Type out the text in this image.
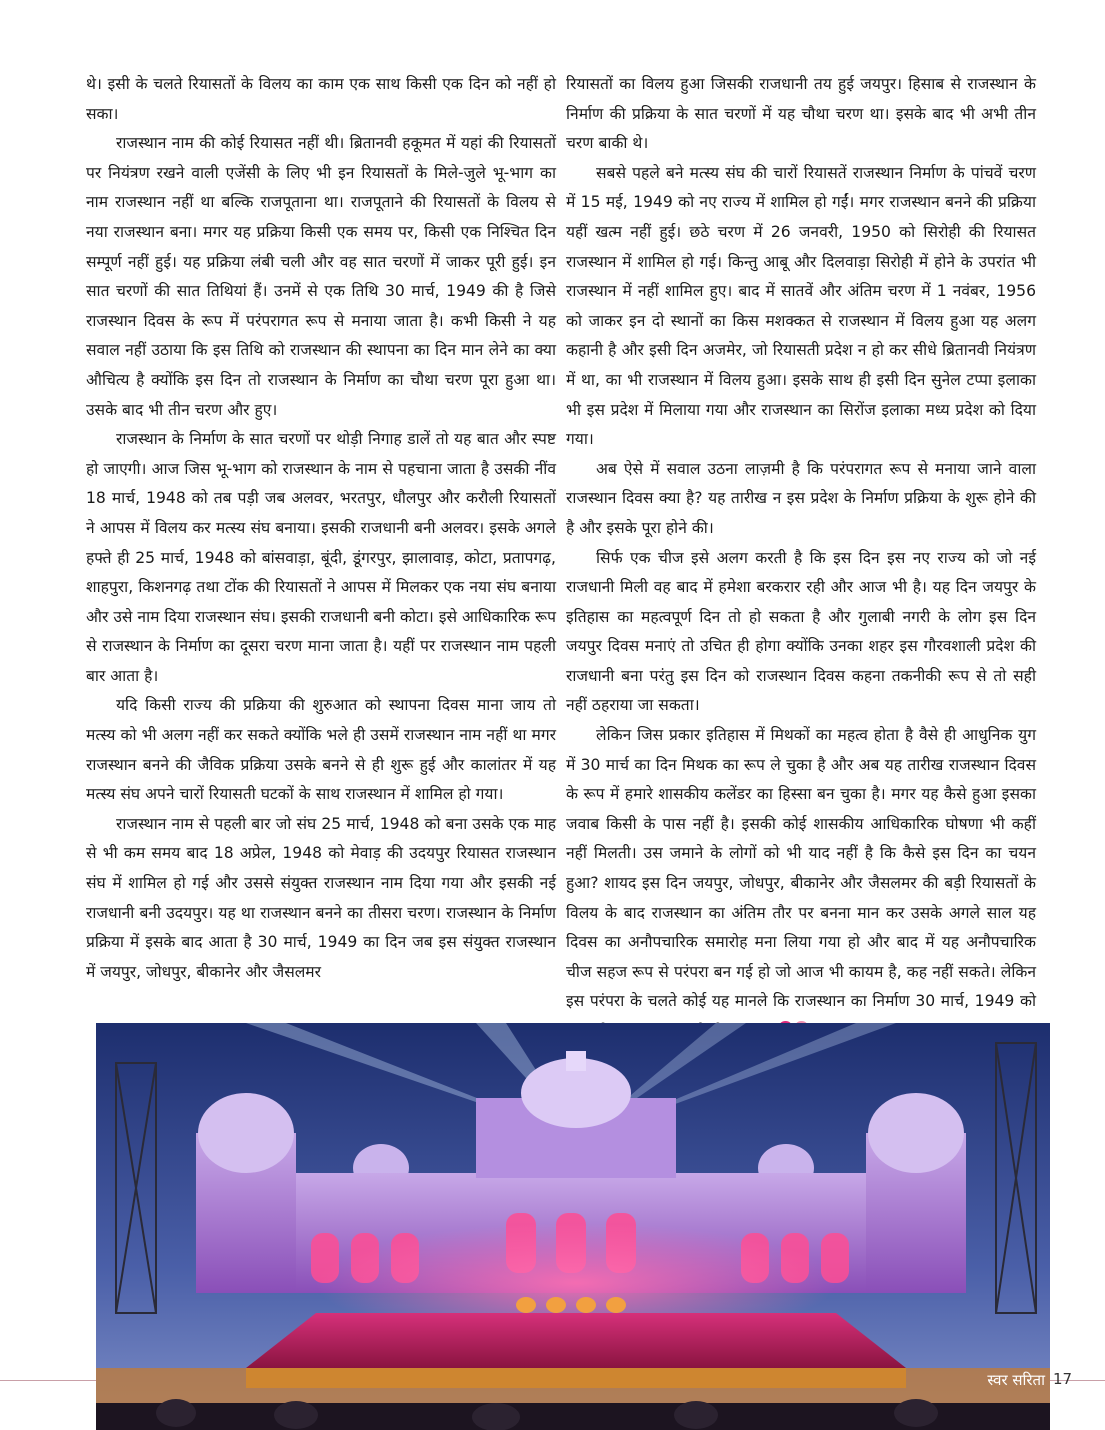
थे। इसी के चलते रियासतों के विलय का काम एक साथ किसी एक दिन को नहीं हो सका।

राजस्थान नाम की कोई रियासत नहीं थी। ब्रितानवी हकूमत में यहां की रियासतों पर नियंत्रण रखने वाली एजेंसी के लिए भी इन रियासतों के मिले-जुले भू-भाग का नाम राजस्थान नहीं था बल्कि राजपूताना था। राजपूताने की रियासतों के विलय से नया राजस्थान बना। मगर यह प्रक्रिया किसी एक समय पर, किसी एक निश्चित दिन सम्पूर्ण नहीं हुई। यह प्रक्रिया लंबी चली और वह सात चरणों में जाकर पूरी हुई। इन सात चरणों की सात तिथियां हैं। उनमें से एक तिथि 30 मार्च, 1949 की है जिसे राजस्थान दिवस के रूप में परंपरागत रूप से मनाया जाता है। कभी किसी ने यह सवाल नहीं उठाया कि इस तिथि को राजस्थान की स्थापना का दिन मान लेने का क्या औचित्य है क्योंकि इस दिन तो राजस्थान के निर्माण का चौथा चरण पूरा हुआ था। उसके बाद भी तीन चरण और हुए।

राजस्थान के निर्माण के सात चरणों पर थोड़ी निगाह डालें तो यह बात और स्पष्ट हो जाएगी। आज जिस भू-भाग को राजस्थान के नाम से पहचाना जाता है उसकी नींव 18 मार्च, 1948 को तब पड़ी जब अलवर, भरतपुर, धौलपुर और करौली रियासतों ने आपस में विलय कर मत्स्य संघ बनाया। इसकी राजधानी बनी अलवर। इसके अगले हफ्ते ही 25 मार्च, 1948 को बांसवाड़ा, बूंदी, डूंगरपुर, झालावाड़, कोटा, प्रतापगढ़, शाहपुरा, किशनगढ़ तथा टोंक की रियासतों ने आपस में मिलकर एक नया संघ बनाया और उसे नाम दिया राजस्थान संघ। इसकी राजधानी बनी कोटा। इसे आधिकारिक रूप से राजस्थान के निर्माण का दूसरा चरण माना जाता है। यहीं पर राजस्थान नाम पहली बार आता है।

यदि किसी राज्य की प्रक्रिया की शुरुआत को स्थापना दिवस माना जाय तो मत्स्य को भी अलग नहीं कर सकते क्योंकि भले ही उसमें राजस्थान नाम नहीं था मगर राजस्थान बनने की जैविक प्रक्रिया उसके बनने से ही शुरू हुई और कालांतर में यह मत्स्य संघ अपने चारों रियासती घटकों के साथ राजस्थान में शामिल हो गया।

राजस्थान नाम से पहली बार जो संघ 25 मार्च, 1948 को बना उसके एक माह से भी कम समय बाद 18 अप्रेल, 1948 को मेवाड़ की उदयपुर रियासत राजस्थान संघ में शामिल हो गई और उससे संयुक्त राजस्थान नाम दिया गया और इसकी नई राजधानी बनी उदयपुर। यह था राजस्थान बनने का तीसरा चरण। राजस्थान के निर्माण प्रक्रिया में इसके बाद आता है 30 मार्च, 1949 का दिन जब इस संयुक्त राजस्थान में जयपुर, जोधपुर, बीकानेर और जैसलमर

रियासतों का विलय हुआ जिसकी राजधानी तय हुई जयपुर। हिसाब से राजस्थान के निर्माण की प्रक्रिया के सात चरणों में यह चौथा चरण था। इसके बाद भी अभी तीन चरण बाकी थे।

सबसे पहले बने मत्स्य संघ की चारों रियासतें राजस्थान निर्माण के पांचवें चरण में 15 मई, 1949 को नए राज्य में शामिल हो गईं। मगर राजस्थान बनने की प्रक्रिया यहीं खत्म नहीं हुई। छठे चरण में 26 जनवरी, 1950 को सिरोही की रियासत राजस्थान में शामिल हो गई। किन्तु आबू और दिलवाड़ा सिरोही में होने के उपरांत भी राजस्थान में नहीं शामिल हुए। बाद में सातवें और अंतिम चरण में 1 नवंबर, 1956 को जाकर इन दो स्थानों का किस मशक्कत से राजस्थान में विलय हुआ यह अलग कहानी है और इसी दिन अजमेर, जो रियासती प्रदेश न हो कर सीधे ब्रितानवी नियंत्रण में था, का भी राजस्थान में विलय हुआ। इसके साथ ही इसी दिन सुनेल टप्पा इलाका भी इस प्रदेश में मिलाया गया और राजस्थान का सिरोंज इलाका मध्य प्रदेश को दिया गया।

अब ऐसे में सवाल उठना लाज़मी है कि परंपरागत रूप से मनाया जाने वाला राजस्थान दिवस क्या है? यह तारीख न इस प्रदेश के निर्माण प्रक्रिया के शुरू होने की है और इसके पूरा होने की।

सिर्फ एक चीज इसे अलग करती है कि इस दिन इस नए राज्य को जो नई राजधानी मिली वह बाद में हमेशा बरकरार रही और आज भी है। यह दिन जयपुर के इतिहास का महत्वपूर्ण दिन तो हो सकता है और गुलाबी नगरी के लोग इस दिन जयपुर दिवस मनाएं तो उचित ही होगा क्योंकि उनका शहर इस गौरवशाली प्रदेश की राजधानी बना परंतु इस दिन को राजस्थान दिवस कहना तकनीकी रूप से तो सही नहीं ठहराया जा सकता।

लेकिन जिस प्रकार इतिहास में मिथकों का महत्व होता है वैसे ही आधुनिक युग में 30 मार्च का दिन मिथक का रूप ले चुका है और अब यह तारीख राजस्थान दिवस के रूप में हमारे शासकीय कलेंडर का हिस्सा बन चुका है। मगर यह कैसे हुआ इसका जवाब किसी के पास नहीं है। इसकी कोई शासकीय आधिकारिक घोषणा भी कहीं नहीं मिलती। उस जमाने के लोगों को भी याद नहीं है कि कैसे इस दिन का चयन हुआ? शायद इस दिन जयपुर, जोधपुर, बीकानेर और जैसलमर की बड़ी रियासतों के विलय के बाद राजस्थान का अंतिम तौर पर बनना मान कर उसके अगले साल यह दिवस का अनौपचारिक समारोह मना लिया गया हो और बाद में यह अनौपचारिक चीज सहज रूप से परंपरा बन गई हो जो आज भी कायम है, कह नहीं सकते। लेकिन इस परंपरा के चलते कोई यह मानले कि राजस्थान का निर्माण 30 मार्च, 1949 को

स्वर सरिता 17
